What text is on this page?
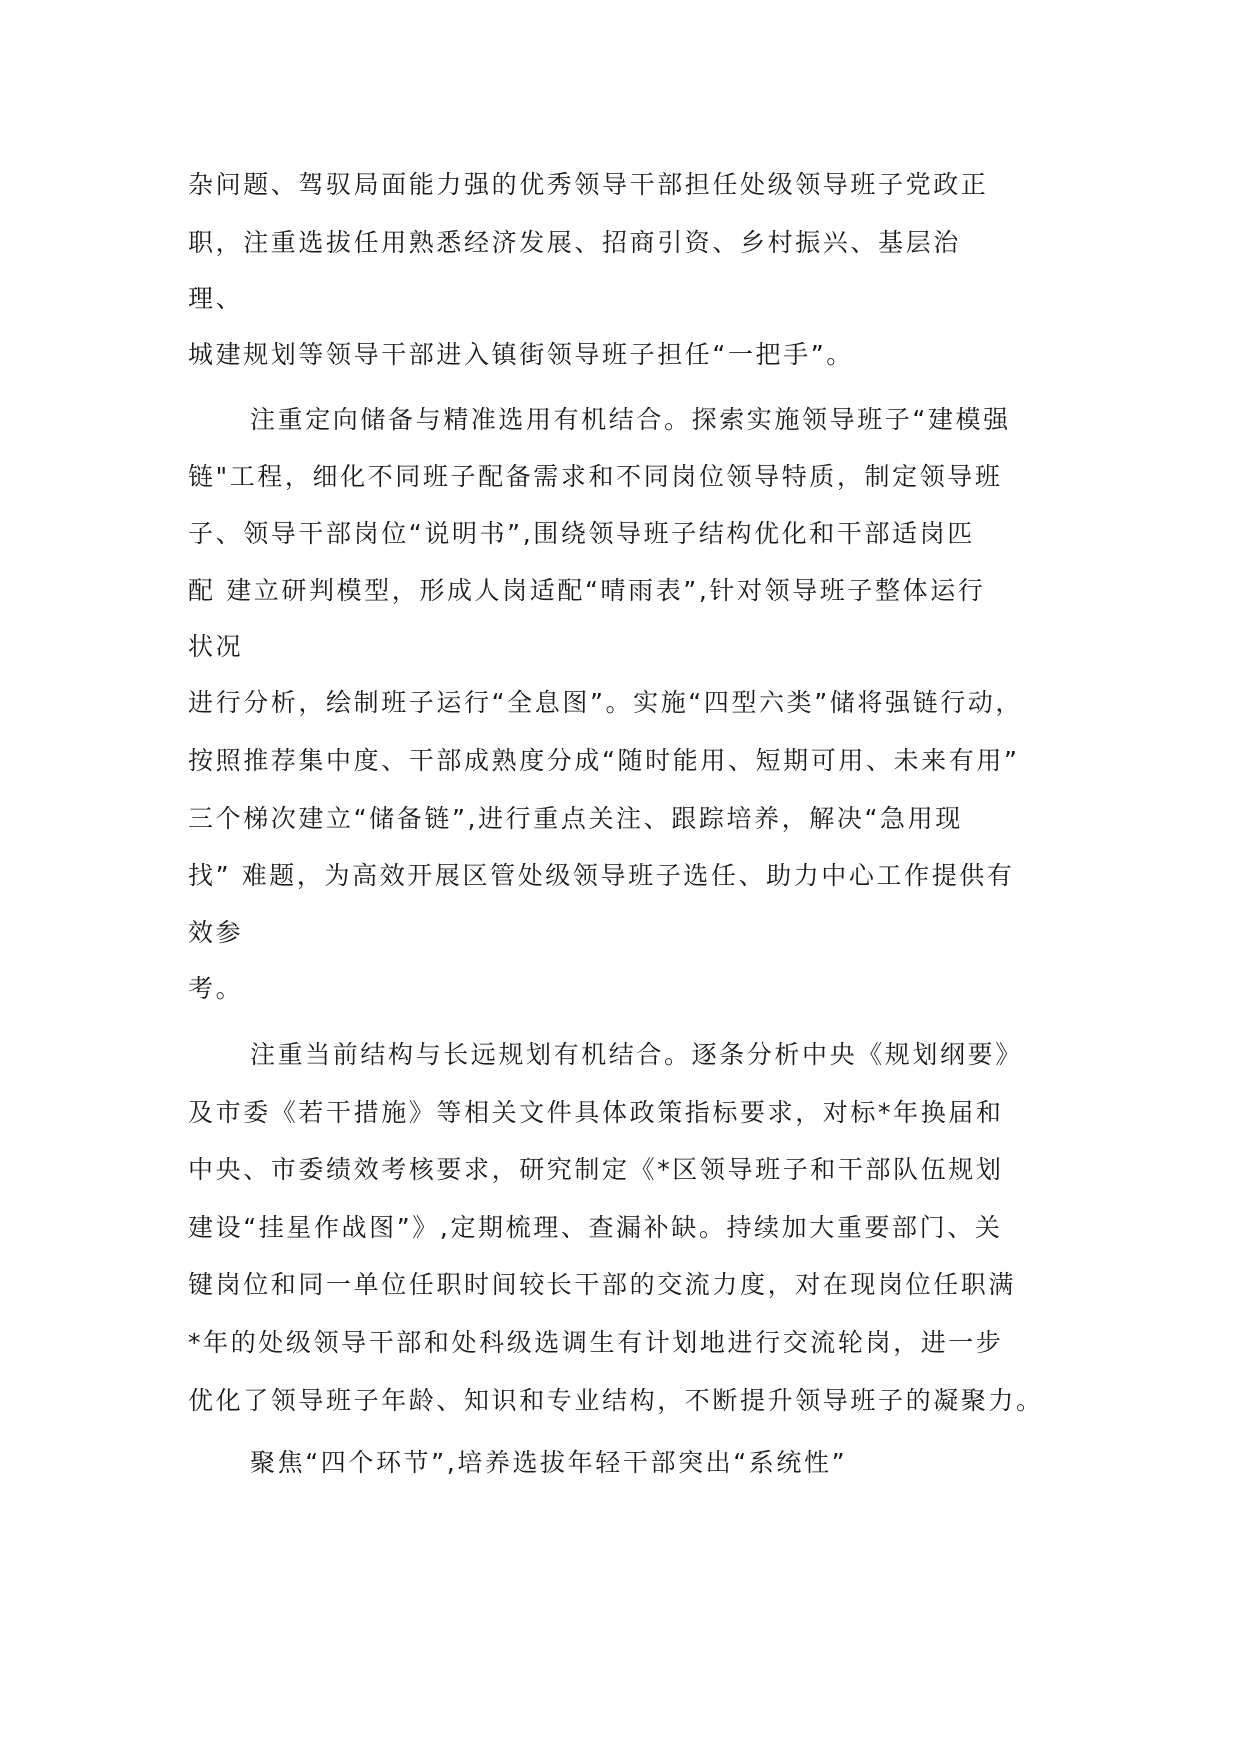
杂问题、驾驭局面能力强的优秀领导干部担任处级领导班子党政正

职，注重选拔任用熟悉经济发展、招商引资、乡村振兴、基层治

理、

城建规划等领导干部进入镇街领导班子担任“一把手”。

注重定向储备与精准选用有机结合。探索实施领导班子“建模强

链"工程，细化不同班子配备需求和不同岗位领导特质，制定领导班

子、领导干部岗位“说明书”,围绕领导班子结构优化和干部适岗匹

配 建立研判模型，形成人岗适配“晴雨表”,针对领导班子整体运行

状况

进行分析，绘制班子运行“全息图”。实施“四型六类”储将强链行动，

按照推荐集中度、干部成熟度分成“随时能用、短期可用、未来有用”

三个梯次建立“储备链”,进行重点关注、跟踪培养，解决“急用现

找” 难题，为高效开展区管处级领导班子选任、助力中心工作提供有

效参

考。

注重当前结构与长远规划有机结合。逐条分析中央《规划纲要》

及市委《若干措施》等相关文件具体政策指标要求，对标*年换届和

中央、市委绩效考核要求，研究制定《*区领导班子和干部队伍规划

建设“挂星作战图”》,定期梳理、查漏补缺。持续加大重要部门、关

键岗位和同一单位任职时间较长干部的交流力度，对在现岗位任职满

*年的处级领导干部和处科级选调生有计划地进行交流轮岗，进一步

优化了领导班子年龄、知识和专业结构，不断提升领导班子的凝聚力。

聚焦“四个环节”,培养选拔年轻干部突出“系统性”
